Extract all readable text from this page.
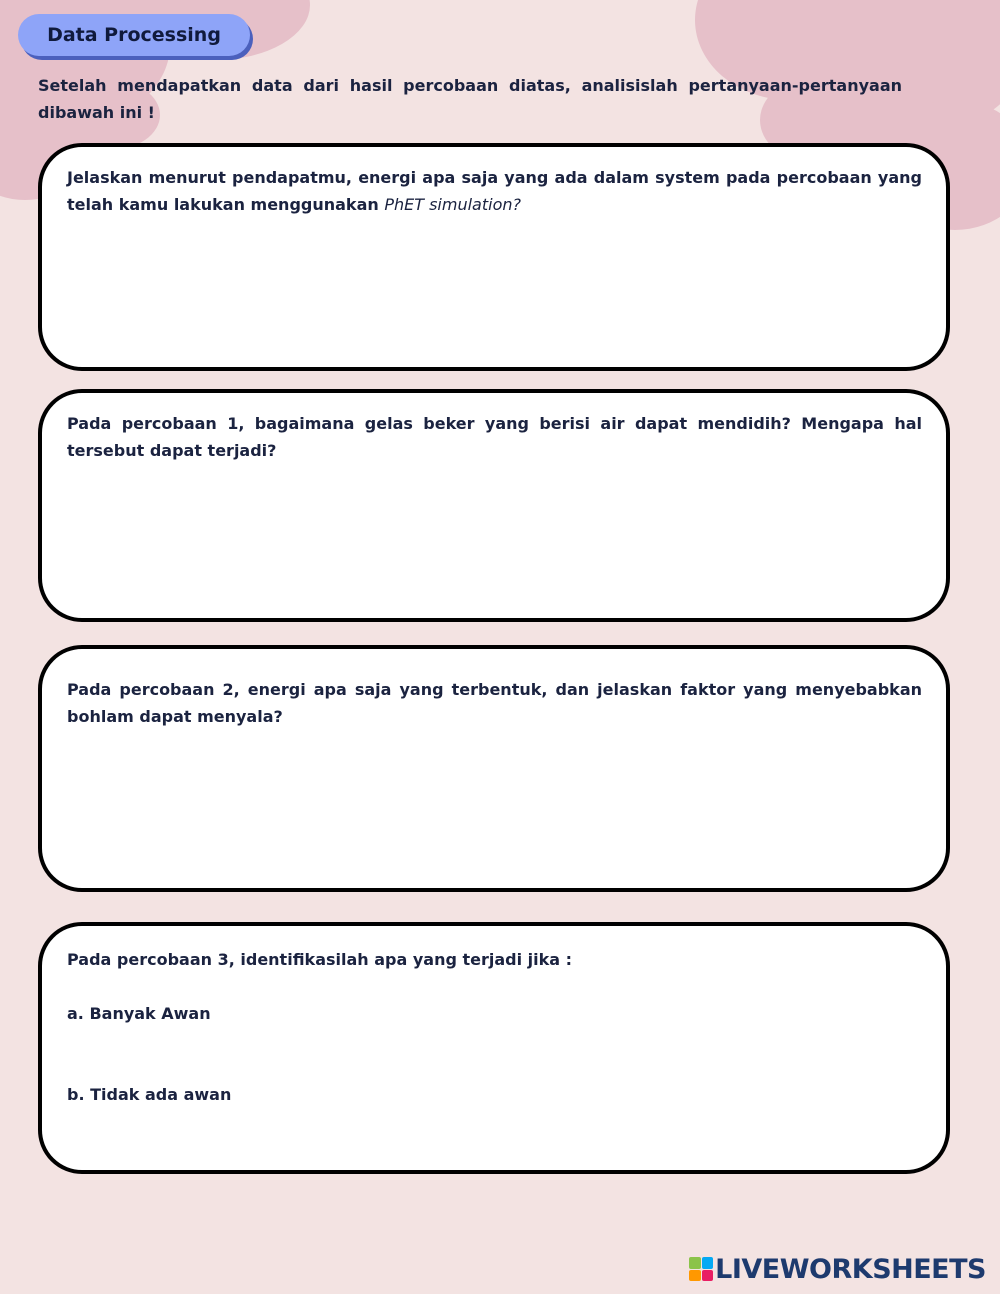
Data Processing
Setelah mendapatkan data dari hasil percobaan diatas, analisislah pertanyaan-pertanyaan dibawah ini !
Jelaskan menurut pendapatmu, energi apa saja yang ada dalam system pada percobaan yang telah kamu lakukan menggunakan PhET simulation?
Pada percobaan 1, bagaimana gelas beker yang berisi air dapat mendidih? Mengapa hal tersebut dapat terjadi?
Pada percobaan 2, energi apa saja yang terbentuk, dan jelaskan faktor yang menyebabkan bohlam dapat menyala?
Pada percobaan 3, identifikasilah apa yang terjadi jika :
a. Banyak Awan
b. Tidak ada awan
LIVEWORKSHEETS
